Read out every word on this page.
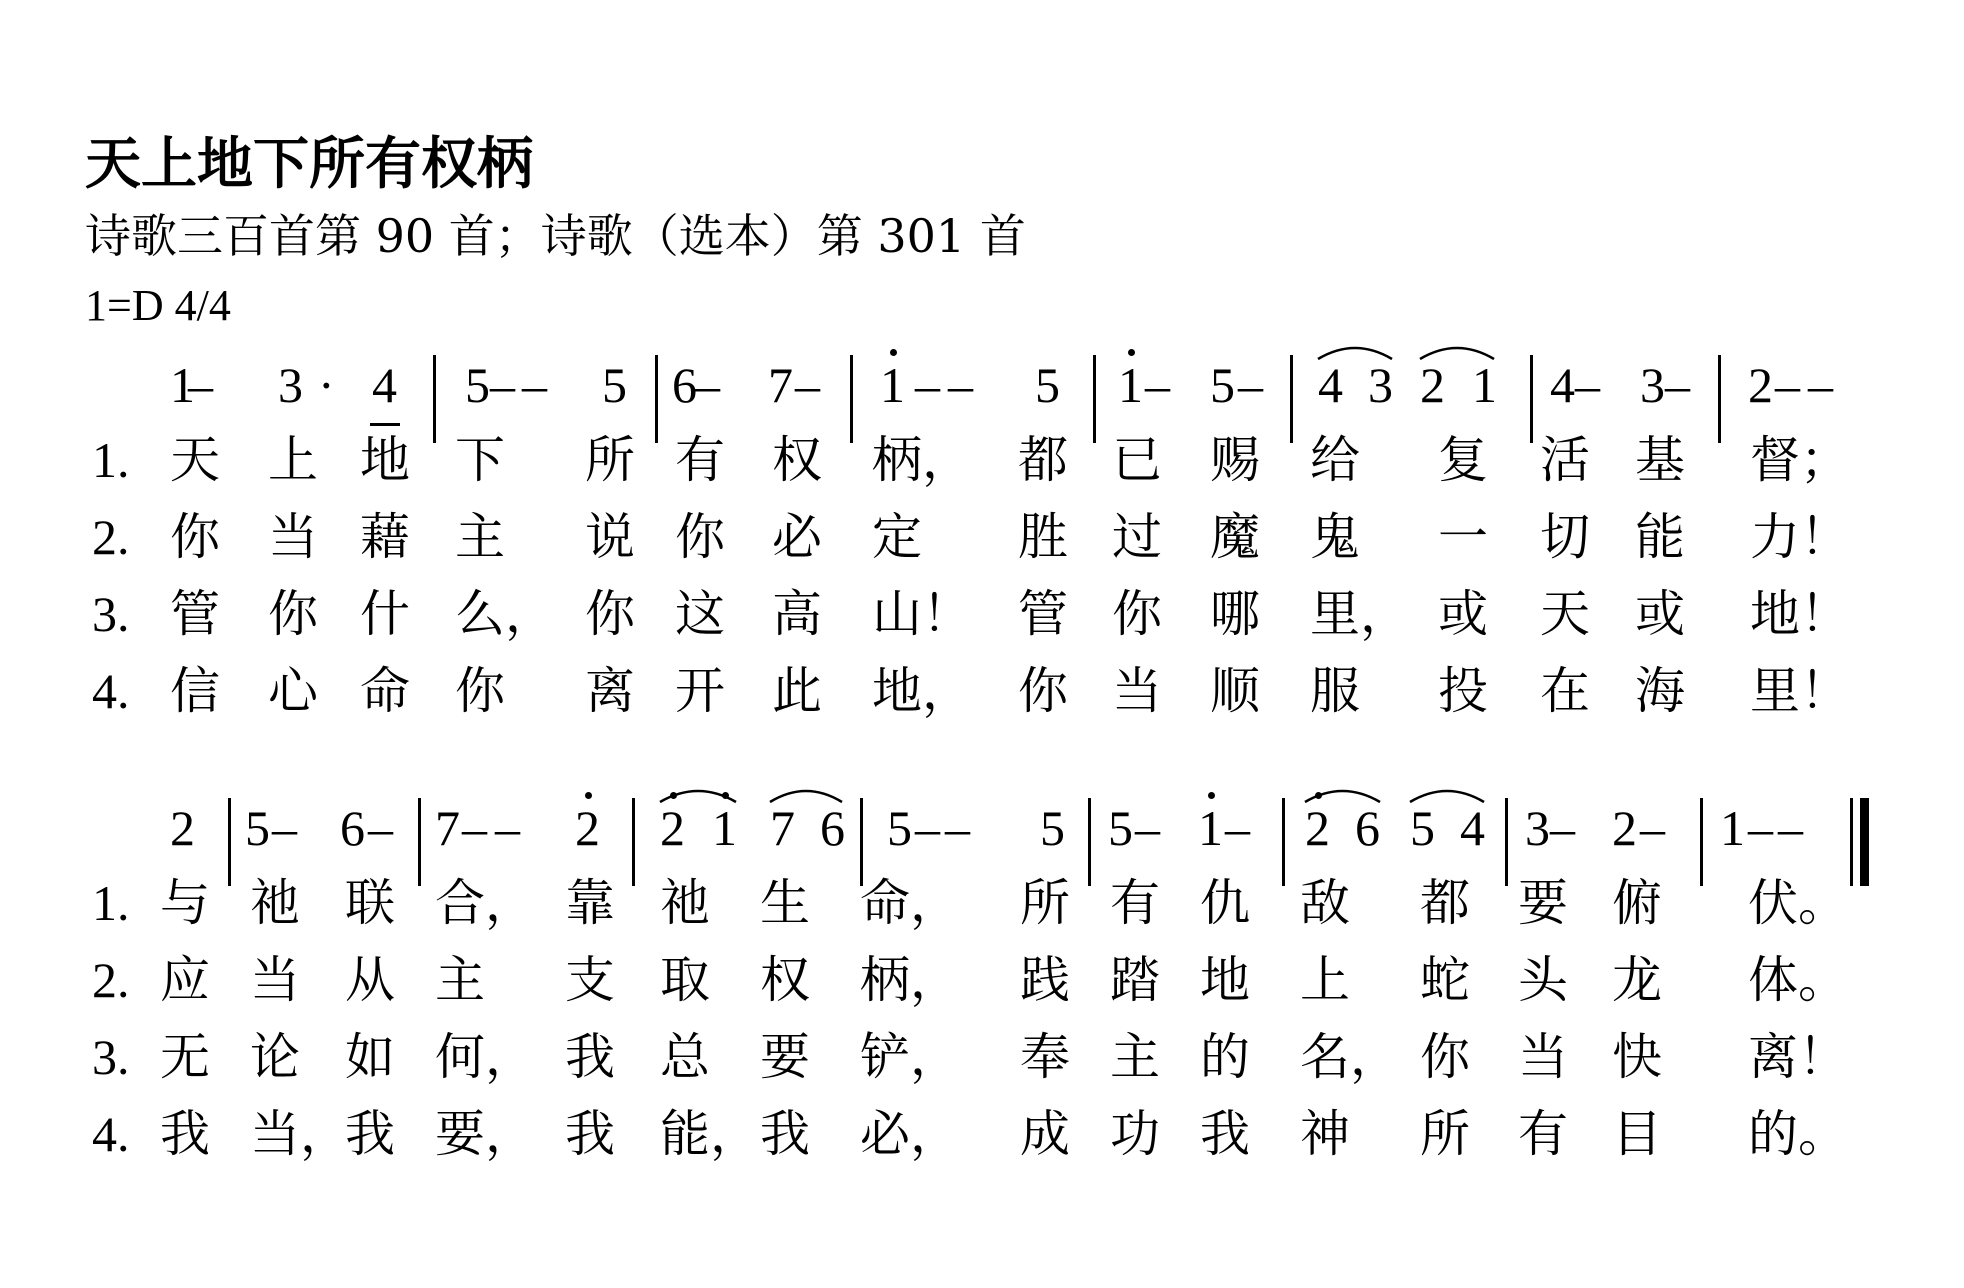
天上地下所有权柄
诗歌三百首第 90 首；诗歌（选本）第 301 首
1=D 4/4
1
– 3 · 4 5 – – 5 6
– 7 – 1 – – 5 1 – 5 – 4 3 2 1 4 – 3 – 2 – –
1. 天 上 地 下 所 有 权 柄， 都 已 赐 给 复 活 基 督；
2. 你 当 藉 主 说 你 必 定 胜 过 魔 鬼 一 切 能 力！
3. 管 你 什 么， 你 这 高 山！ 管 你 哪 里， 或 天 或 地！
4. 信 心 命 你 离 开 此 地， 你 当 顺 服 投 在 海 里！
2 5 – 6 – 7 – – 2 2 1 7 6 5 – – 5 5 – 1 – 2 6 5 4 3 – 2 – 1 – –
1. 与 祂 联 合， 靠 祂 生 命， 所 有 仇 敌 都 要 俯 伏。
2. 应 当 从 主 支 取 权 柄， 践 踏 地 上 蛇 头 龙 体。
3. 无 论 如 何， 我 总 要 铲， 奉 主 的 名， 你 当 快 离！
4. 我 当，
我 要， 我 能， 我 必， 成 功 我 神 所 有 目 的。
